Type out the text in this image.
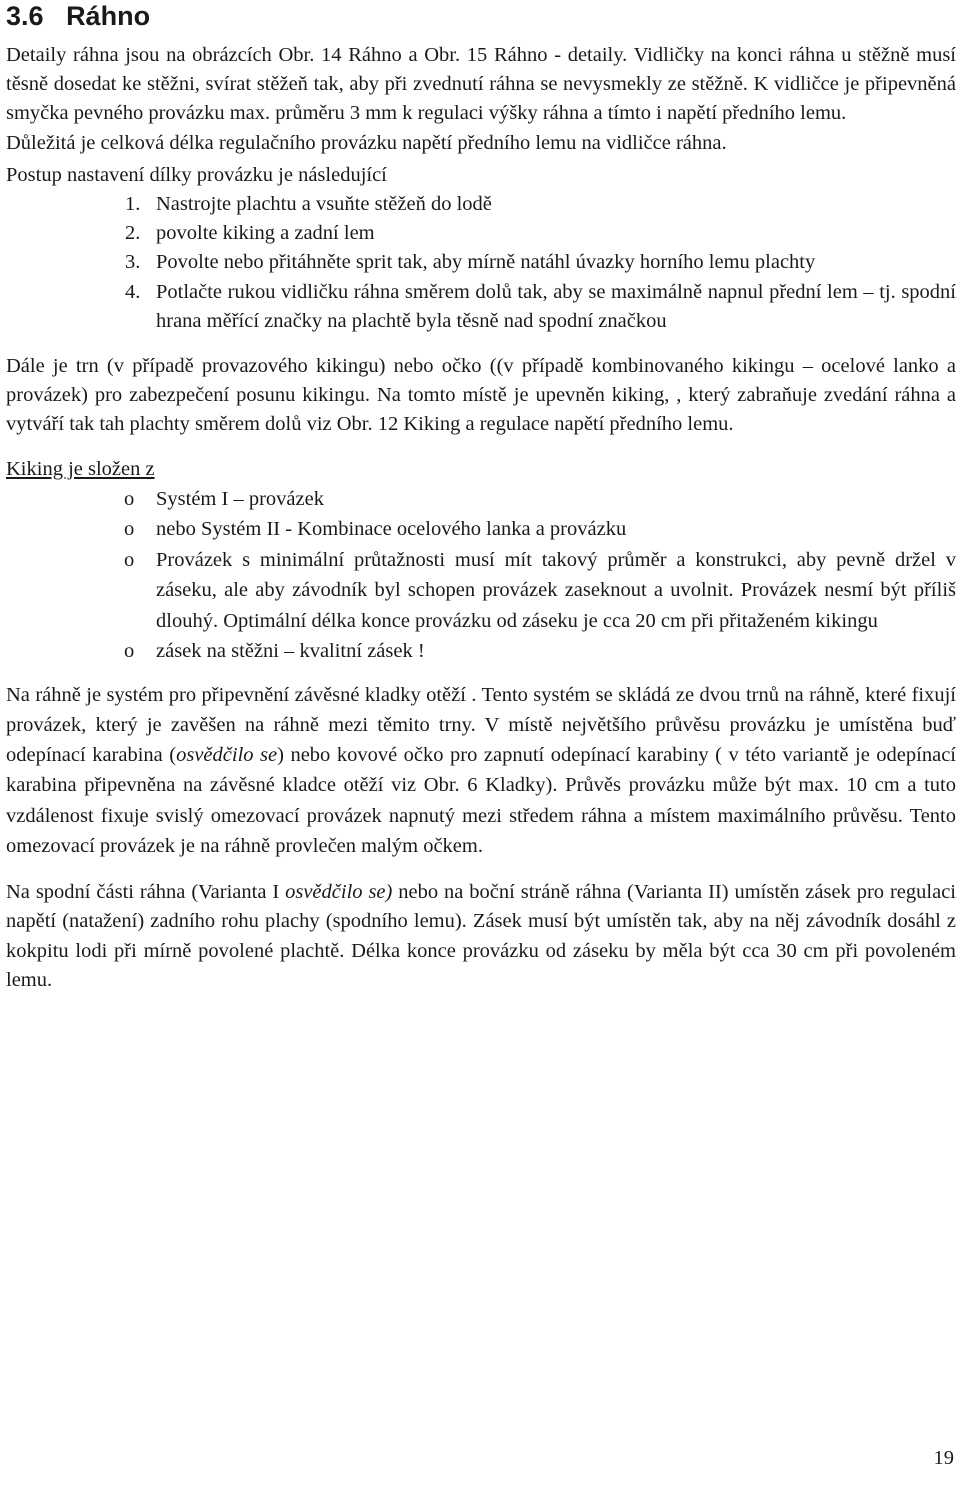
3.6 Ráhno

Detaily ráhna jsou na obrázcích Obr. 14 Ráhno a Obr. 15 Ráhno - detaily. Vidličky na konci ráhna u stěžně musí těsně dosedat ke stěžni, svírat stěžeň tak, aby při zvednutí ráhna se nevysmekly ze stěžně. K vidličce je připevněná smyčka pevného provázku max. průměru 3 mm k regulaci výšky ráhna a tímto i napětí předního lemu.

Důležitá je celková délka regulačního provázku napětí předního lemu na vidličce ráhna.

Postup nastavení dílky provázku je následující

1. Nastrojte plachtu a vsuňte stěžeň do lodě
2. povolte kiking a zadní lem
3. Povolte nebo přitáhněte sprit tak, aby mírně natáhl úvazky horního lemu plachty
4. Potlačte rukou vidličku ráhna směrem dolů tak, aby se maximálně napnul přední lem – tj. spodní hrana měřící značky na plachtě byla těsně nad spodní značkou

Dále je trn (v případě provazového kikingu) nebo očko ((v případě kombinovaného kikingu – ocelové lanko a provázek) pro zabezpečení posunu kikingu. Na tomto místě je upevněn kiking, , který zabraňuje zvedání ráhna a vytváří tak tah plachty směrem dolů viz Obr. 12 Kiking a regulace napětí předního lemu.

Kiking je složen z

o Systém I – provázek
o nebo Systém II - Kombinace ocelového lanka a provázku
o Provázek s minimální průtažnosti musí mít takový průměr a konstrukci, aby pevně držel v záseku, ale aby závodník byl schopen provázek zaseknout a uvolnit. Provázek nesmí být příliš dlouhý. Optimální délka konce provázku od záseku je cca 20 cm při přitaženém kikingu
o zásek na stěžni – kvalitní zásek !

Na ráhně je systém pro připevnění závěsné kladky otěží . Tento systém se skládá ze dvou trnů na ráhně, které fixují provázek, který je zavěšen na ráhně mezi těmito trny. V místě největšího průvěsu provázku je umístěna buď odepínací karabina (osvědčilo se) nebo kovové očko pro zapnutí odepínací karabiny ( v této variantě je odepínací karabina připevněna na závěsné kladce otěží viz Obr. 6 Kladky). Průvěs provázku může být max. 10 cm a tuto vzdálenost fixuje svislý omezovací provázek napnutý mezi středem ráhna a místem maximálního průvěsu. Tento omezovací provázek je na ráhně provlečen malým očkem.

Na spodní části ráhna (Varianta I osvědčilo se) nebo na boční stráně ráhna (Varianta II) umístěn zásek pro regulaci napětí (natažení) zadního rohu plachy (spodního lemu). Zásek musí být umístěn tak, aby na něj závodník dosáhl z kokpitu lodi při mírně povolené plachtě. Délka konce provázku od záseku by měla být cca 30 cm při povoleném lemu.

19
